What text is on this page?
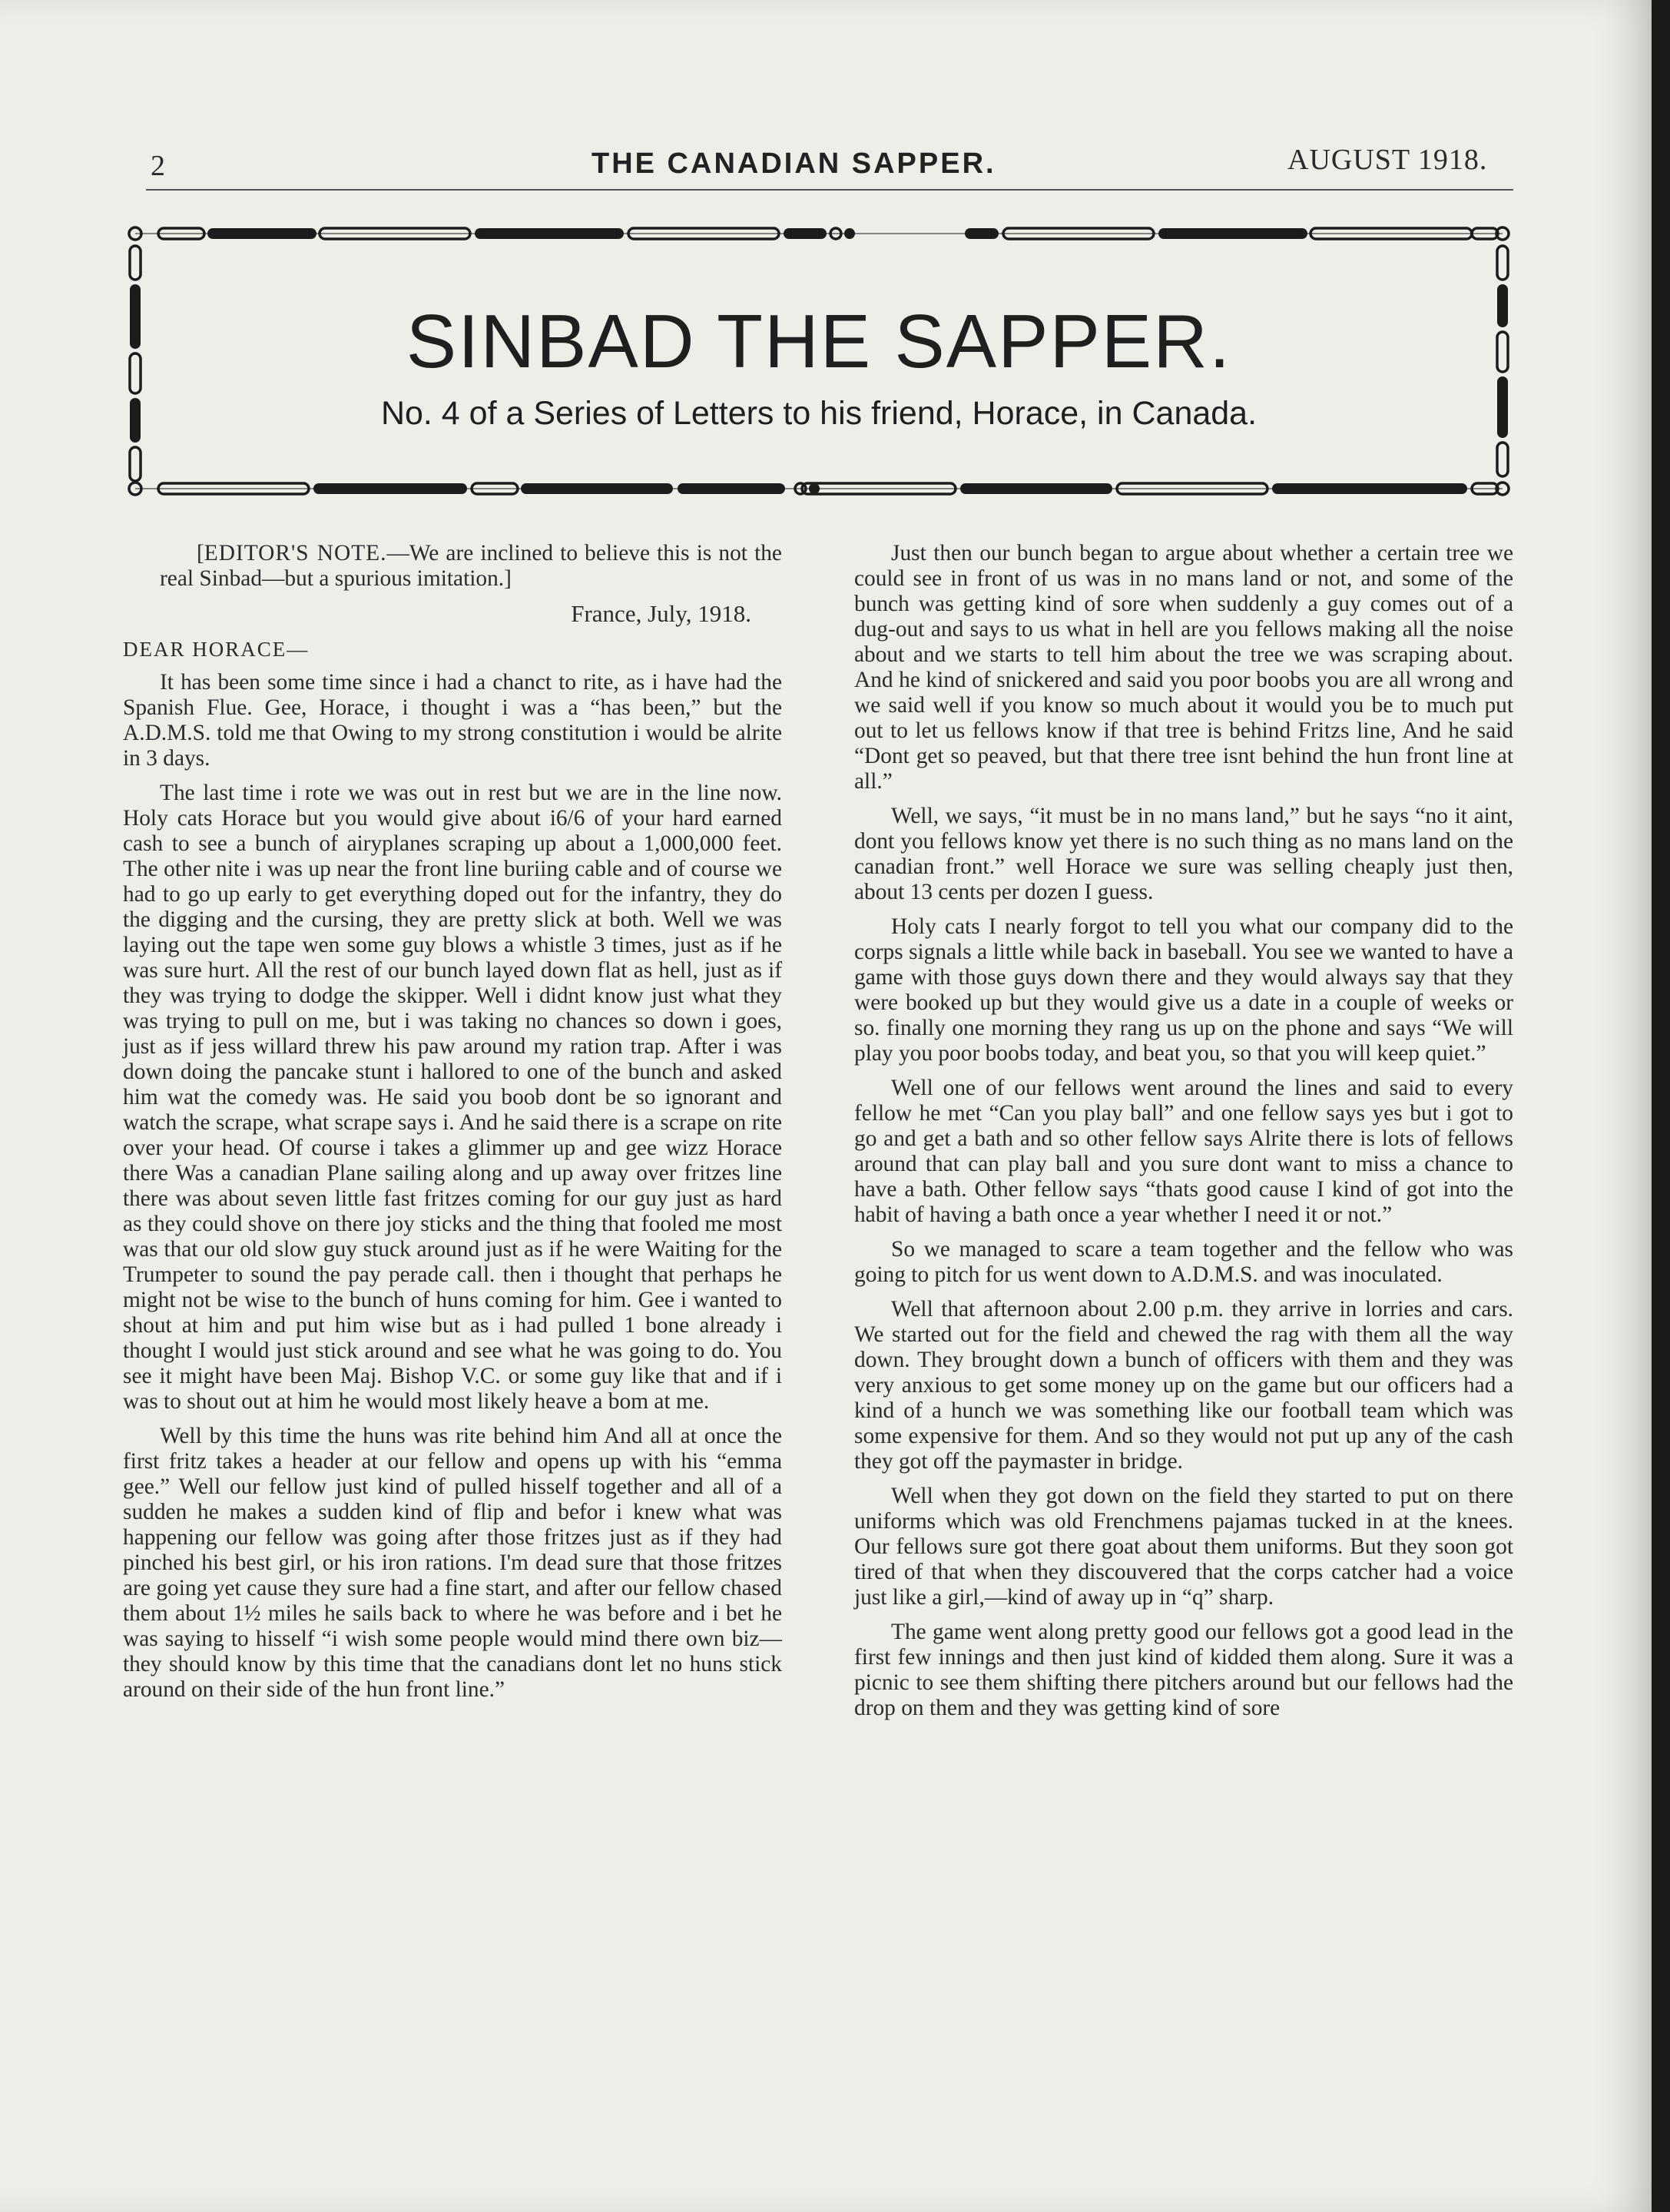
2	THE CANADIAN SAPPER.	AUGUST 1918.
SINBAD THE SAPPER.
No. 4 of a Series of Letters to his friend, Horace, in Canada.

[EDITOR'S NOTE.—We are inclined to believe this is not the real Sinbad—but a spurious imitation.]

France, July, 1918.
DEAR HORACE—

It has been some time since i had a chanct to rite, as i have had the Spanish Flue. Gee, Horace, i thought i was a “has been,” but the A.D.M.S. told me that Owing to my strong constitution i would be alrite in 3 days.

The last time i rote we was out in rest but we are in the line now. Holy cats Horace but you would give about i6/6 of your hard earned cash to see a bunch of airyplanes scraping up about a 1,000,000 feet. The other nite i was up near the front line buriing cable and of course we had to go up early to get everything doped out for the infantry, they do the digging and the cursing, they are pretty slick at both. Well we was laying out the tape wen some guy blows a whistle 3 times, just as if he was sure hurt. All the rest of our bunch layed down flat as hell, just as if they was trying to dodge the skipper. Well i didnt know just what they was trying to pull on me, but i was taking no chances so down i goes, just as if jess willard threw his paw around my ration trap. After i was down doing the pancake stunt i hallored to one of the bunch and asked him wat the comedy was. He said you boob dont be so ignorant and watch the scrape, what scrape says i. And he said there is a scrape on rite over your head. Of course i takes a glimmer up and gee wizz Horace there Was a canadian Plane sailing along and up away over fritzes line there was about seven little fast fritzes coming for our guy just as hard as they could shove on there joy sticks and the thing that fooled me most was that our old slow guy stuck around just as if he were Waiting for the Trumpeter to sound the pay perade call. then i thought that perhaps he might not be wise to the bunch of huns coming for him. Gee i wanted to shout at him and put him wise but as i had pulled 1 bone already i thought I would just stick around and see what he was going to do. You see it might have been Maj. Bishop V.C. or some guy like that and if i was to shout out at him he would most likely heave a bom at me.

Well by this time the huns was rite behind him And all at once the first fritz takes a header at our fellow and opens up with his “emma gee.” Well our fellow just kind of pulled hisself together and all of a sudden he makes a sudden kind of flip and befor i knew what was happening our fellow was going after those fritzes just as if they had pinched his best girl, or his iron rations. I'm dead sure that those fritzes are going yet cause they sure had a fine start, and after our fellow chased them about 1½ miles he sails back to where he was before and i bet he was saying to hisself “i wish some people would mind there own biz—they should know by this time that the canadians dont let no huns stick around on their side of the hun front line.”

Just then our bunch began to argue about whether a certain tree we could see in front of us was in no mans land or not, and some of the bunch was getting kind of sore when suddenly a guy comes out of a dug-out and says to us what in hell are you fellows making all the noise about and we starts to tell him about the tree we was scraping about. And he kind of snickered and said you poor boobs you are all wrong and we said well if you know so much about it would you be to much put out to let us fellows know if that tree is behind Fritzs line, And he said “Dont get so peaved, but that there tree isnt behind the hun front line at all.”

Well, we says, “it must be in no mans land,” but he says “no it aint, dont you fellows know yet there is no such thing as no mans land on the canadian front.” well Horace we sure was selling cheaply just then, about 13 cents per dozen I guess.

Holy cats I nearly forgot to tell you what our company did to the corps signals a little while back in baseball. You see we wanted to have a game with those guys down there and they would always say that they were booked up but they would give us a date in a couple of weeks or so. finally one morning they rang us up on the phone and says “We will play you poor boobs today, and beat you, so that you will keep quiet.”

Well one of our fellows went around the lines and said to every fellow he met “Can you play ball” and one fellow says yes but i got to go and get a bath and so other fellow says Alrite there is lots of fellows around that can play ball and you sure dont want to miss a chance to have a bath. Other fellow says “thats good cause I kind of got into the habit of having a bath once a year whether I need it or not.”

So we managed to scare a team together and the fellow who was going to pitch for us went down to A.D.M.S. and was inoculated.

Well that afternoon about 2.00 p.m. they arrive in lorries and cars. We started out for the field and chewed the rag with them all the way down. They brought down a bunch of officers with them and they was very anxious to get some money up on the game but our officers had a kind of a hunch we was something like our football team which was some expensive for them. And so they would not put up any of the cash they got off the paymaster in bridge.

Well when they got down on the field they started to put on there uniforms which was old Frenchmens pajamas tucked in at the knees. Our fellows sure got there goat about them uniforms. But they soon got tired of that when they discouvered that the corps catcher had a voice just like a girl,—kind of away up in “q” sharp.

The game went along pretty good our fellows got a good lead in the first few innings and then just kind of kidded them along. Sure it was a picnic to see them shifting there pitchers around but our fellows had the drop on them and they was getting kind of sore
